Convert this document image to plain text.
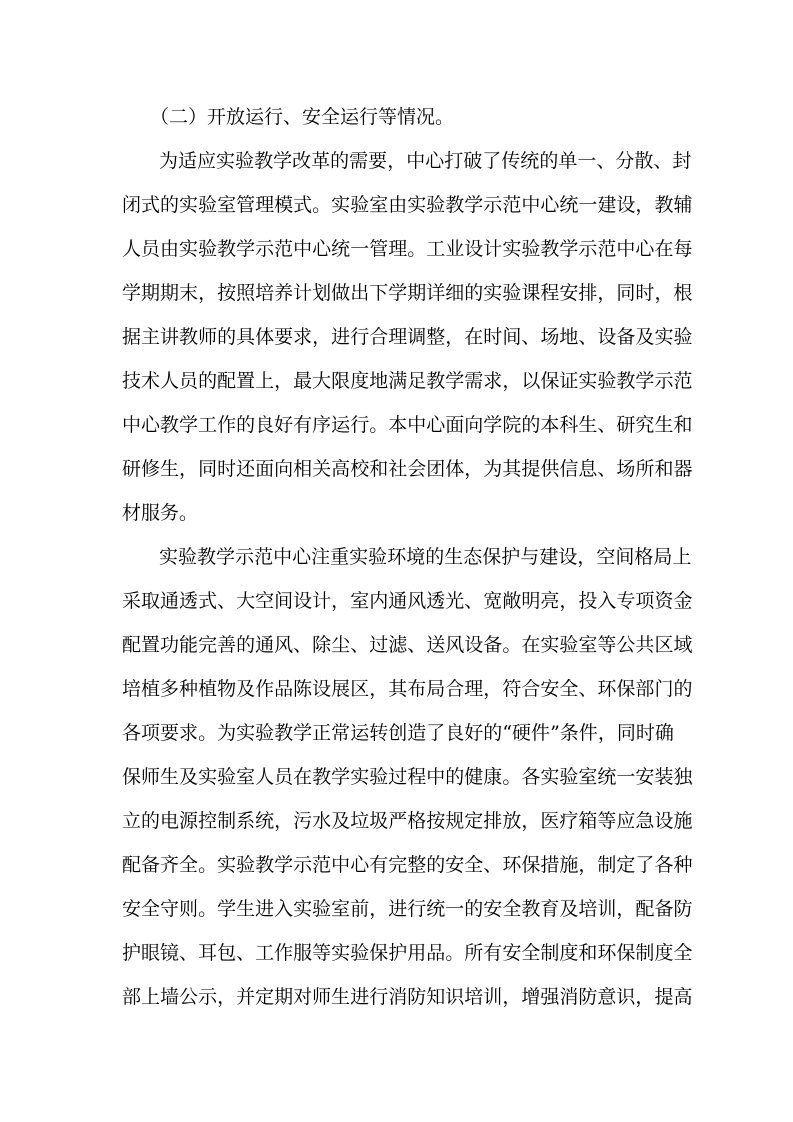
（二）开放运行、安全运行等情况。
为 适 应 实 验 教 学 改 革 的 需 要 ， 中 心 打 破 了 传 统 的 单 一 、 分 散 、 封
闭 式 的 实 验 室 管 理 模 式 。 实 验 室 由 实 验 教 学 示 范 中 心 统 一 建 设 ， 教 辅
人 员 由 实 验 教 学 示 范 中 心 统 一 管 理 。 工 业 设 计 实 验 教 学 示 范 中 心 在 每
学 期 期 末 ， 按 照 培 养 计 划 做 出 下 学 期 详 细 的 实 验 课 程 安 排 ， 同 时 ， 根
据 主 讲 教 师 的 具 体 要 求 ， 进 行 合 理 调 整 ， 在 时 间 、 场 地 、 设 备 及 实 验
技 术 人 员 的 配 置 上 ， 最 大 限 度 地 满 足 教 学 需 求 ， 以 保 证 实 验 教 学 示 范
中 心 教 学 工 作 的 良 好 有 序 运 行 。 本 中 心 面 向 学 院 的 本 科 生 、 研 究 生 和
研 修 生 ， 同 时 还 面 向 相 关 高 校 和 社 会 团 体 ， 为 其 提 供 信 息 、 场 所 和 器
材服务。
实 验 教 学 示 范 中 心 注 重 实 验 环 境 的 生 态 保 护 与 建 设 ， 空 间 格 局 上
采 取 通 透 式 、 大 空 间 设 计 ， 室 内 通 风 透 光 、 宽 敞 明 亮 ， 投 入 专 项 资 金
配 置 功 能 完 善 的 通 风 、 除 尘 、 过 滤 、 送 风 设 备 。 在 实 验 室 等 公 共 区 域
培 植 多 种 植 物 及 作 品 陈 设 展 区 ， 其 布 局 合 理 ， 符 合 安 全 、 环 保 部 门 的
各 项 要 求 。 为 实 验 教 学 正 常 运 转 创 造 了 良 好 的 “ 硬 件 ” 条 件 ， 同 时 确
保 师 生 及 实 验 室 人 员 在 教 学 实 验 过 程 中 的 健 康 。 各 实 验 室 统 一 安 装 独
立 的 电 源 控 制 系 统 ， 污 水 及 垃 圾 严 格 按 规 定 排 放 ， 医 疗 箱 等 应 急 设 施
配 备 齐 全 。 实 验 教 学 示 范 中 心 有 完 整 的 安 全 、 环 保 措 施 ， 制 定 了 各 种
安 全 守 则 。 学 生 进 入 实 验 室 前 ， 进 行 统 一 的 安 全 教 育 及 培 训 ， 配 备 防
护 眼 镜 、 耳 包 、 工 作 服 等 实 验 保 护 用 品 。 所 有 安 全 制 度 和 环 保 制 度 全
部 上 墙 公 示 ， 并 定 期 对 师 生 进 行 消 防 知 识 培 训 ， 增 强 消 防 意 识 ， 提 高
